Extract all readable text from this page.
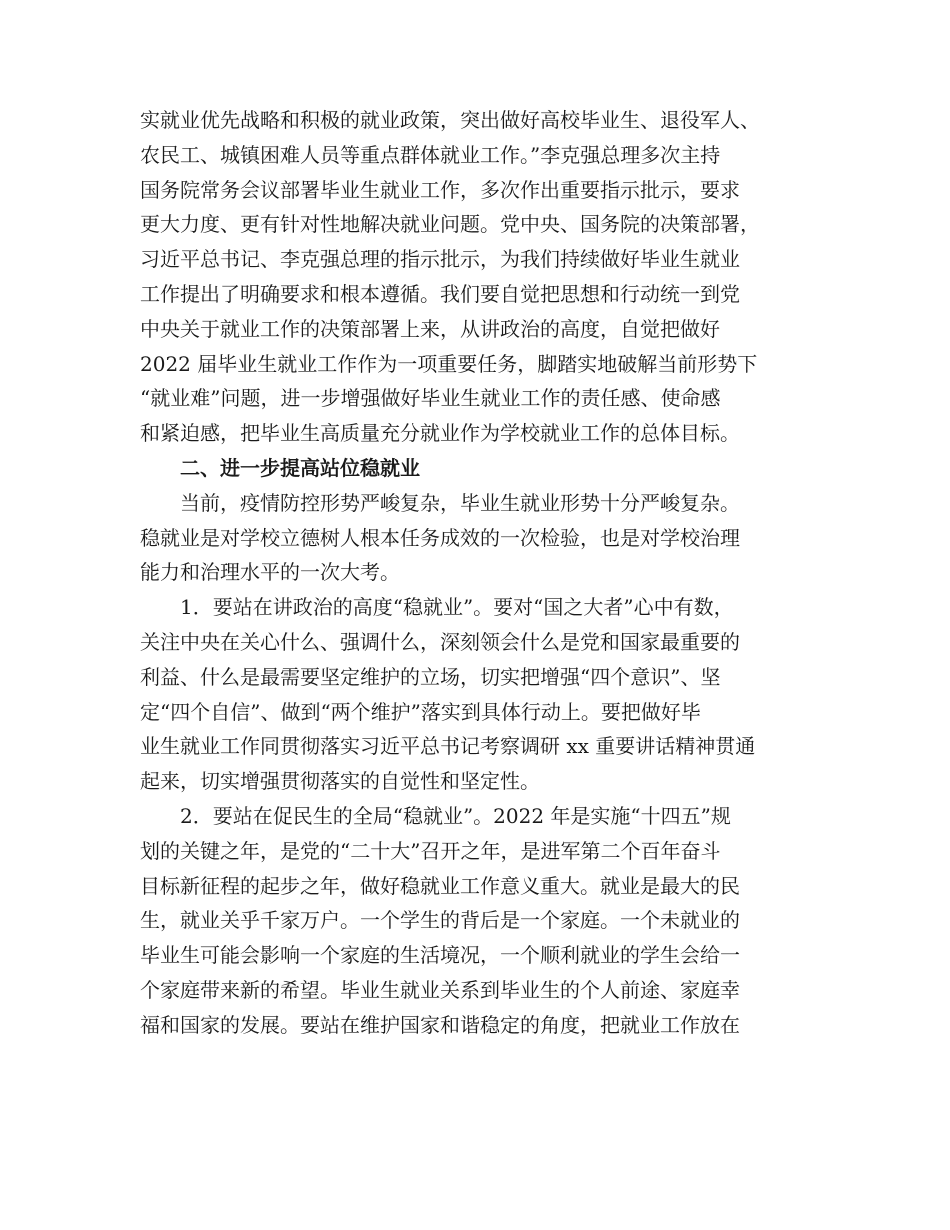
实就业优先战略和积极的就业政策，突出做好高校毕业生、退役军人、
农民工、城镇困难人员等重点群体就业工作。”李克强总理多次主持
国务院常务会议部署毕业生就业工作，多次作出重要指示批示，要求
更大力度、更有针对性地解决就业问题。党中央、国务院的决策部署，
习近平总书记、李克强总理的指示批示，为我们持续做好毕业生就业
工作提出了明确要求和根本遵循。我们要自觉把思想和行动统一到党
中央关于就业工作的决策部署上来，从讲政治的高度，自觉把做好
2022 届毕业生就业工作作为一项重要任务，脚踏实地破解当前形势下
“就业难”问题，进一步增强做好毕业生就业工作的责任感、使命感
和紧迫感，把毕业生高质量充分就业作为学校就业工作的总体目标。
二、进一步提高站位稳就业
当前，疫情防控形势严峻复杂，毕业生就业形势十分严峻复杂。
稳就业是对学校立德树人根本任务成效的一次检验，也是对学校治理
能力和治理水平的一次大考。
1．要站在讲政治的高度“稳就业”。要对“国之大者”心中有数，
关注中央在关心什么、强调什么，深刻领会什么是党和国家最重要的
利益、什么是最需要坚定维护的立场，切实把增强“四个意识”、坚
定“四个自信”、做到“两个维护”落实到具体行动上。要把做好毕
业生就业工作同贯彻落实习近平总书记考察调研 xx 重要讲话精神贯通
起来，切实增强贯彻落实的自觉性和坚定性。
2．要站在促民生的全局“稳就业”。2022 年是实施“十四五”规
划的关键之年，是党的“二十大”召开之年，是进军第二个百年奋斗
目标新征程的起步之年，做好稳就业工作意义重大。就业是最大的民
生，就业关乎千家万户。一个学生的背后是一个家庭。一个未就业的
毕业生可能会影响一个家庭的生活境况，一个顺利就业的学生会给一
个家庭带来新的希望。毕业生就业关系到毕业生的个人前途、家庭幸
福和国家的发展。要站在维护国家和谐稳定的角度，把就业工作放在
